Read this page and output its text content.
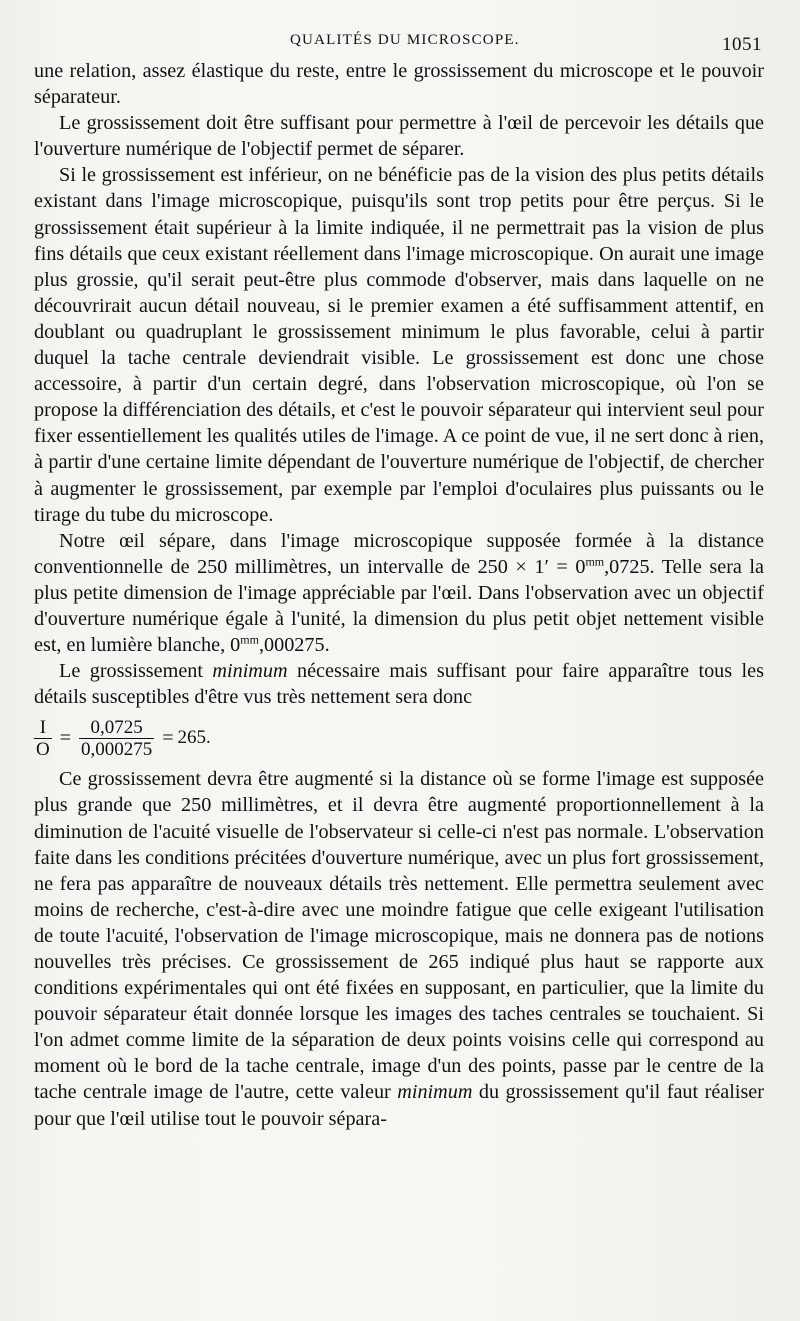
QUALITÉS DU MICROSCOPE.	1051

une relation, assez élastique du reste, entre le grossissement du microscope et le pouvoir séparateur.

Le grossissement doit être suffisant pour permettre à l'œil de percevoir les détails que l'ouverture numérique de l'objectif permet de séparer.

Si le grossissement est inférieur, on ne bénéficie pas de la vision des plus petits détails existant dans l'image microscopique, puisqu'ils sont trop petits pour être perçus. Si le grossissement était supérieur à la limite indiquée, il ne permettrait pas la vision de plus fins détails que ceux existant réellement dans l'image microscopique. On aurait une image plus grossie, qu'il serait peut-être plus commode d'observer, mais dans laquelle on ne découvrirait aucun détail nouveau, si le premier examen a été suffisamment attentif, en doublant ou quadruplant le grossissement minimum le plus favorable, celui à partir duquel la tache centrale deviendrait visible. Le grossissement est donc une chose accessoire, à partir d'un certain degré, dans l'observation microscopique, où l'on se propose la différenciation des détails, et c'est le pouvoir séparateur qui intervient seul pour fixer essentiellement les qualités utiles de l'image. A ce point de vue, il ne sert donc à rien, à partir d'une certaine limite dépendant de l'ouverture numérique de l'objectif, de chercher à augmenter le grossissement, par exemple par l'emploi d'oculaires plus puissants ou le tirage du tube du microscope.

Notre œil sépare, dans l'image microscopique supposée formée à la distance conventionnelle de 250 millimètres, un intervalle de $250 \times 1' = 0^{mm},0725$. Telle sera la plus petite dimension de l'image appréciable par l'œil. Dans l'observation avec un objectif d'ouverture numérique égale à l'unité, la dimension du plus petit objet nettement visible est, en lumière blanche, $0^{mm},000275$.

Le grossissement minimum nécessaire mais suffisant pour faire apparaître tous les détails susceptibles d'être vus très nettement sera donc

$\frac{I}{O} = \frac{0,0725}{0,000275} = 265$.

Ce grossissement devra être augmenté si la distance où se forme l'image est supposée plus grande que 250 millimètres, et il devra être augmenté proportionnellement à la diminution de l'acuité visuelle de l'observateur si celle-ci n'est pas normale. L'observation faite dans les conditions précitées d'ouverture numérique, avec un plus fort grossissement, ne fera pas apparaître de nouveaux détails très nettement. Elle permettra seulement avec moins de recherche, c'est-à-dire avec une moindre fatigue que celle exigeant l'utilisation de toute l'acuité, l'observation de l'image microscopique, mais ne donnera pas de notions nouvelles très précises. Ce grossissement de 265 indiqué plus haut se rapporte aux conditions expérimentales qui ont été fixées en supposant, en particulier, que la limite du pouvoir séparateur était donnée lorsque les images des taches centrales se touchaient. Si l'on admet comme limite de la séparation de deux points voisins celle qui correspond au moment où le bord de la tache centrale, image d'un des points, passe par le centre de la tache centrale image de l'autre, cette valeur minimum du grossissement qu'il faut réaliser pour que l'œil utilise tout le pouvoir sépara-
